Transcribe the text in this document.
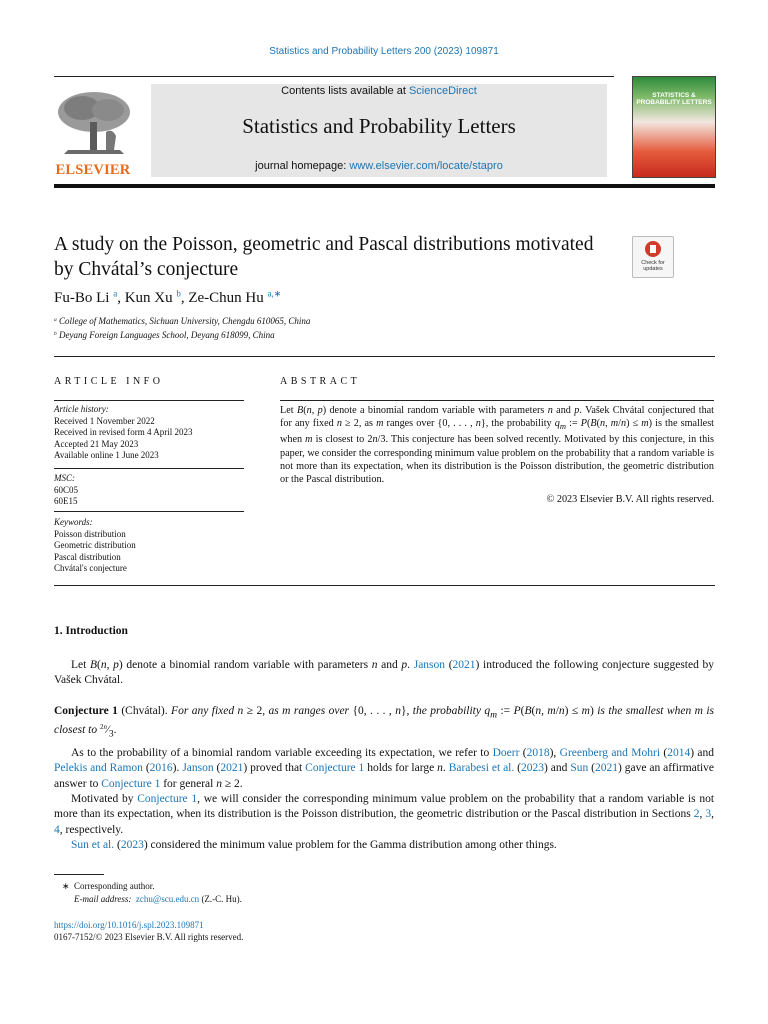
Statistics and Probability Letters 200 (2023) 109871
ELSEVIER
Contents lists available at ScienceDirect
Statistics and Probability Letters
journal homepage: www.elsevier.com/locate/stapro
STATISTICS & PROBABILITY LETTERS
A study on the Poisson, geometric and Pascal distributions motivated by Chvátal’s conjecture	Check for updates
Fu-Bo Li $^a$, Kun Xu $^b$, Ze-Chun Hu $^{a,∗}$
$^a$ College of Mathematics, Sichuan University, Chengdu 610065, China
$^b$ Deyang Foreign Languages School, Deyang 618099, China
ARTICLE INFO
Article history:
Received 1 November 2022
Received in revised form 4 April 2023
Accepted 21 May 2023
Available online 1 June 2023
MSC:
60C05
60E15
Keywords:
Poisson distribution
Geometric distribution
Pascal distribution
Chvátal's conjecture
ABSTRACT
Let B(n, p) denote a binomial random variable with parameters n and p. Vašek Chvátal conjectured that for any fixed n ≥ 2, as m ranges over {0, . . . , n}, the probability $q_m$ := P(B(n, m/n) ≤ m) is the smallest when m is closest to 2n/3. This conjecture has been solved recently. Motivated by this conjecture, in this paper, we consider the corresponding minimum value problem on the probability that a random variable is not more than its expectation, when its distribution is the Poisson distribution, the geometric distribution or the Pascal distribution.
© 2023 Elsevier B.V. All rights reserved.
1. Introduction
Let B(n, p) denote a binomial random variable with parameters n and p. Janson (2021) introduced the following conjecture suggested by Vašek Chvátal.
Conjecture 1 (Chvátal). For any fixed n ≥ 2, as m ranges over {0, . . . , n}, the probability $q_m$ := P(B(n, m/n) ≤ m) is the smallest when m is closest to $^{2n}⁄_3$.
As to the probability of a binomial random variable exceeding its expectation, we refer to Doerr (2018), Greenberg and Mohri (2014) and Pelekis and Ramon (2016). Janson (2021) proved that Conjecture 1 holds for large n. Barabesi et al. (2023) and Sun (2021) gave an affirmative answer to Conjecture 1 for general n ≥ 2.
Motivated by Conjecture 1, we will consider the corresponding minimum value problem on the probability that a random variable is not more than its expectation, when its distribution is the Poisson distribution, the geometric distribution or the Pascal distribution in Sections 2, 3, 4, respectively.
Sun et al. (2023) considered the minimum value problem for the Gamma distribution among other things.
∗ Corresponding author.
E-mail address: zchu@scu.edu.cn (Z.-C. Hu).
https://doi.org/10.1016/j.spl.2023.109871
0167-7152/© 2023 Elsevier B.V. All rights reserved.
